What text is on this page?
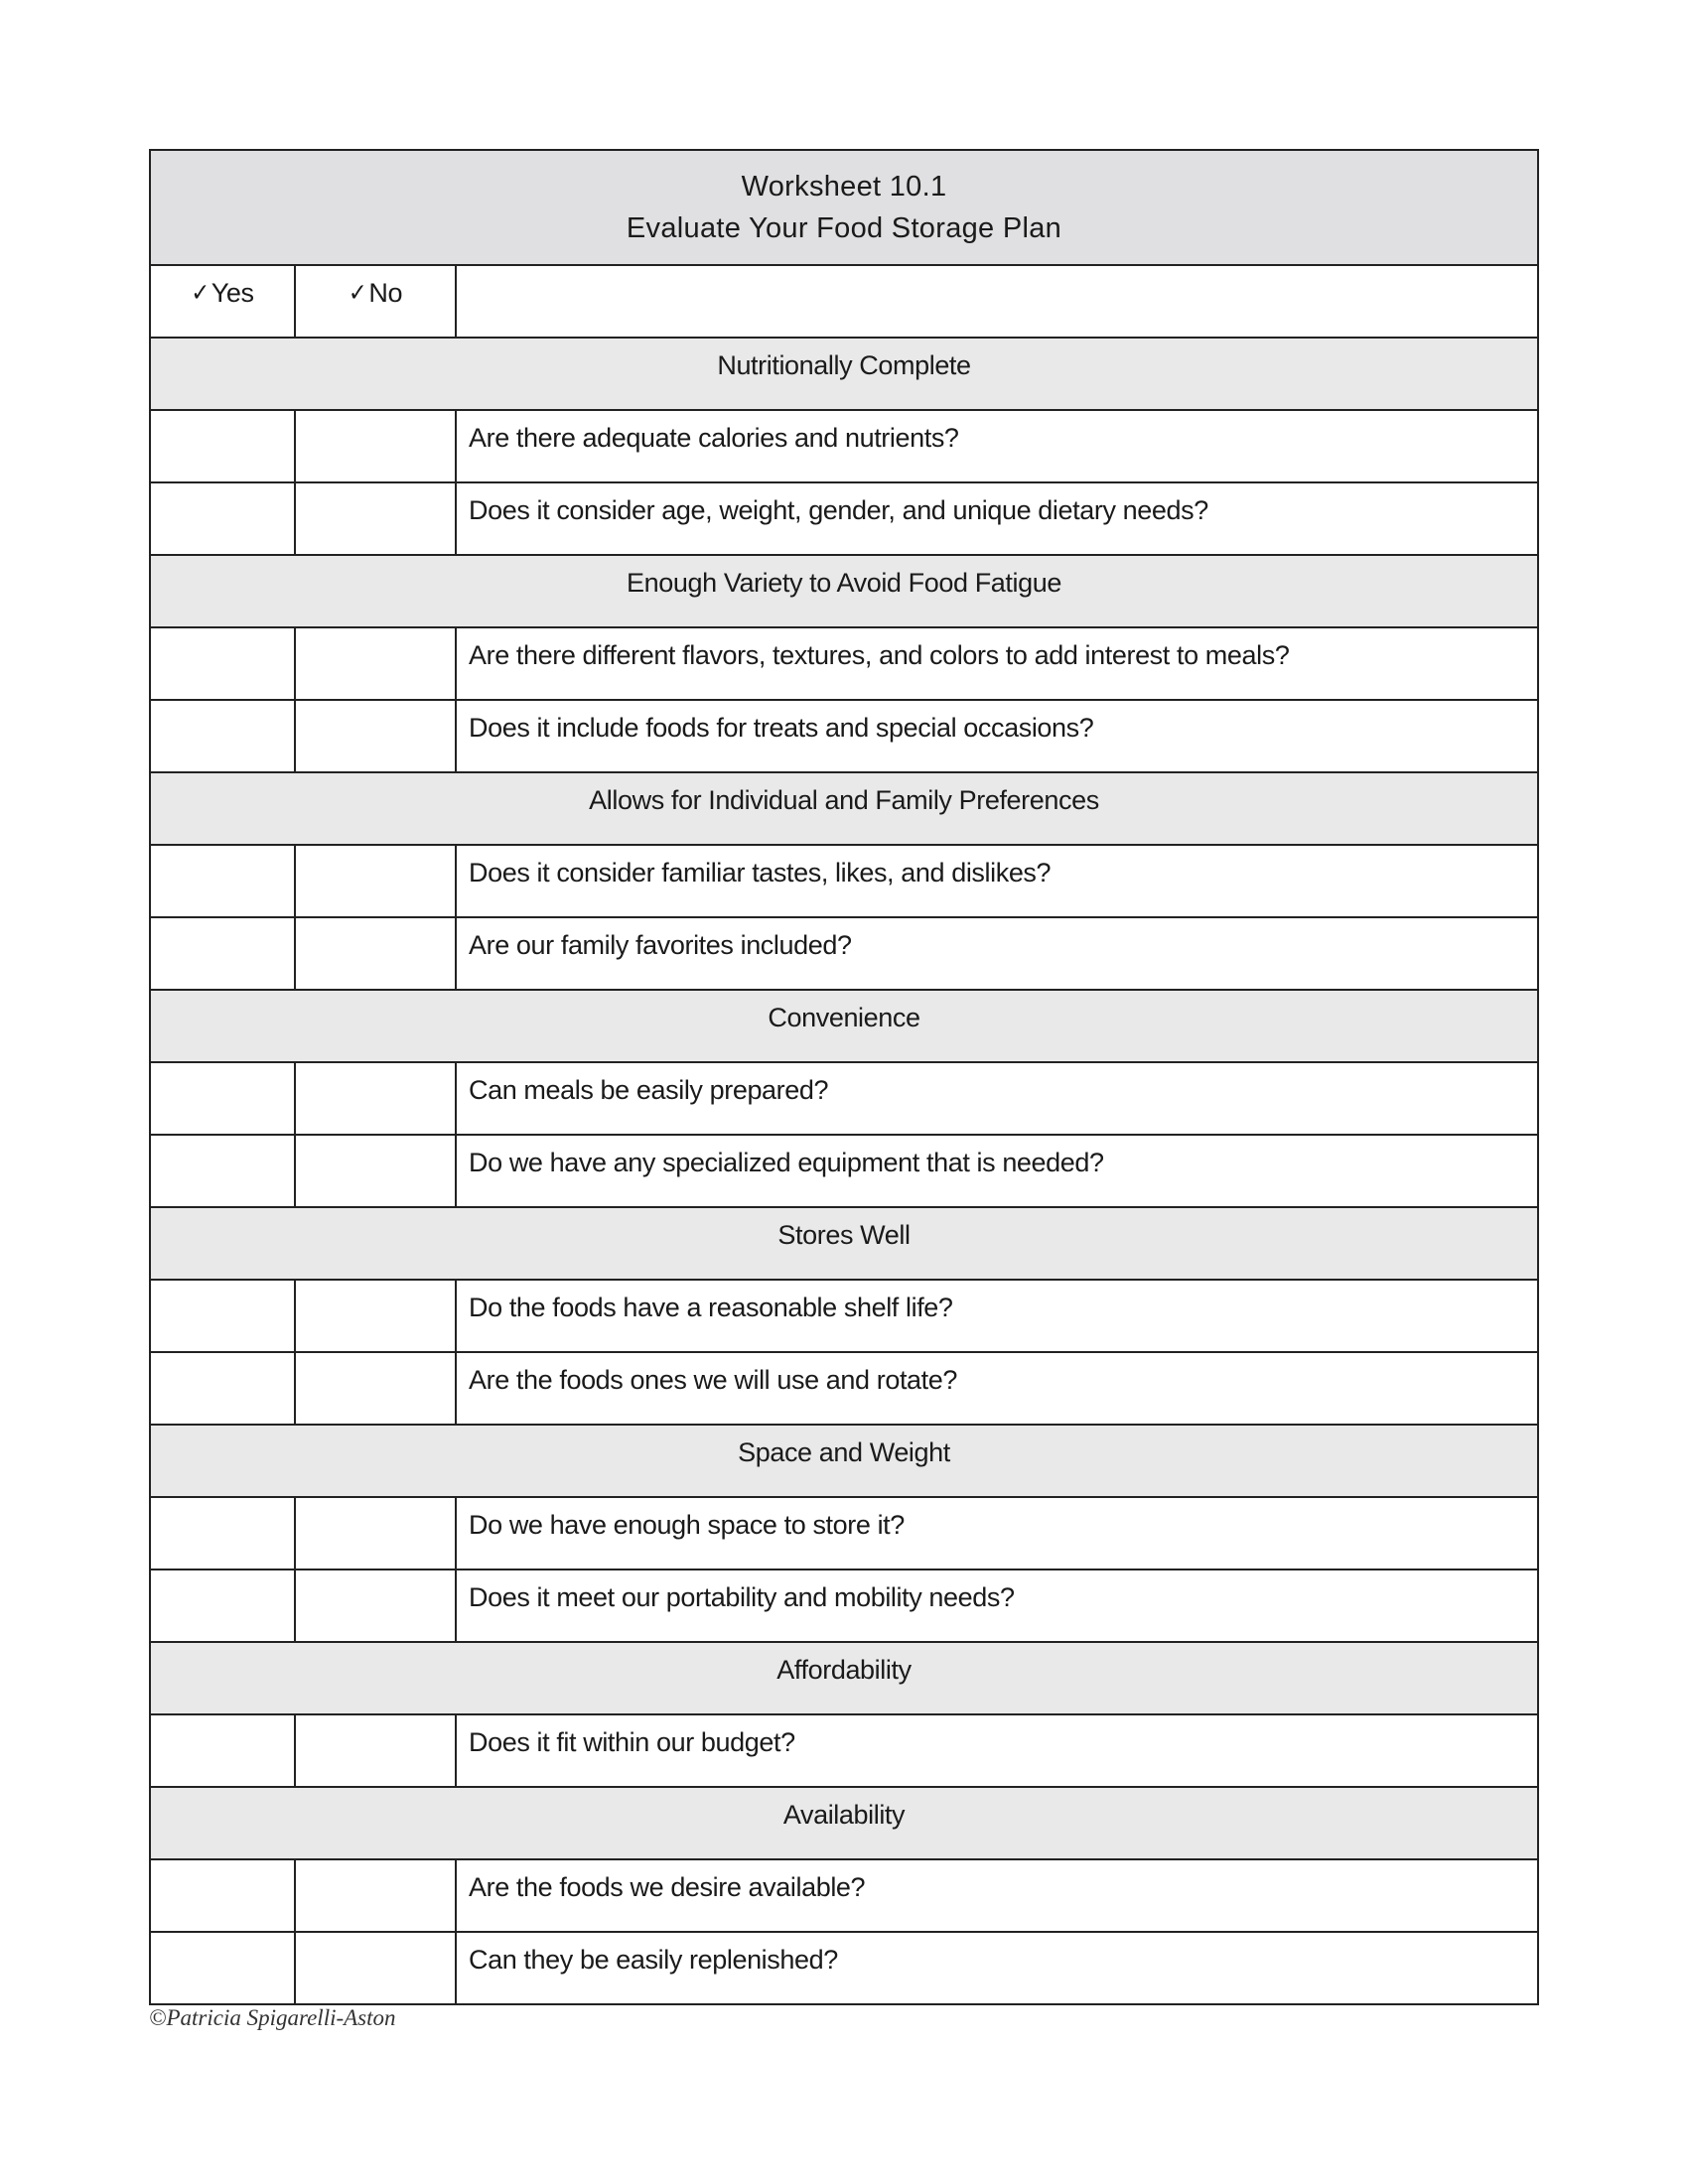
Worksheet 10.1
Evaluate Your Food Storage Plan
✓ Yes	✓ No
Nutritionally Complete
Are there adequate calories and nutrients?
Does it consider age, weight, gender, and unique dietary needs?
Enough Variety to Avoid Food Fatigue
Are there different flavors, textures, and colors to add interest to meals?
Does it include foods for treats and special occasions?
Allows for Individual and Family Preferences
Does it consider familiar tastes, likes, and dislikes?
Are our family favorites included?
Convenience
Can meals be easily prepared?
Do we have any specialized equipment that is needed?
Stores Well
Do the foods have a reasonable shelf life?
Are the foods ones we will use and rotate?
Space and Weight
Do we have enough space to store it?
Does it meet our portability and mobility needs?
Affordability
Does it fit within our budget?
Availability
Are the foods we desire available?
Can they be easily replenished?
©Patricia Spigarelli-Aston
